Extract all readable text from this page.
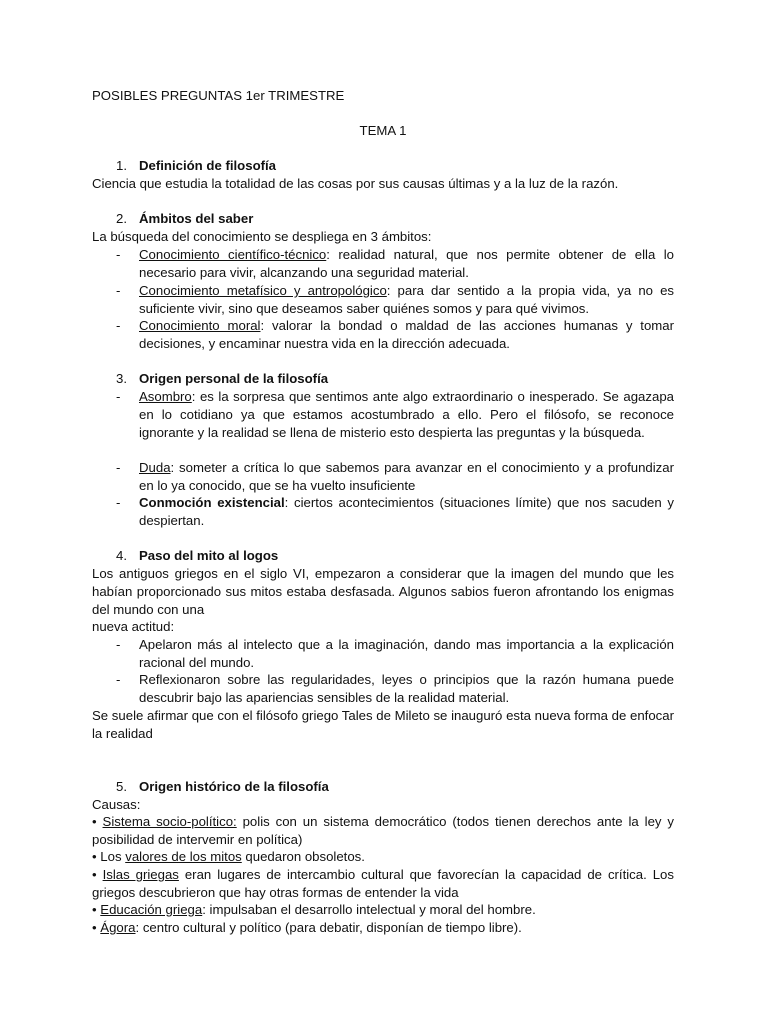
POSIBLES PREGUNTAS 1er TRIMESTRE
TEMA 1
1. Definición de filosofía
Ciencia que estudia la totalidad de las cosas por sus causas últimas y a la luz de la razón.
2. Ámbitos del saber
La búsqueda del conocimiento se despliega en 3 ámbitos:
- Conocimiento científico-técnico: realidad natural, que nos permite obtener de ella lo necesario para vivir, alcanzando una seguridad material.
- Conocimiento metafísico y antropológico: para dar sentido a la propia vida, ya no es suficiente vivir, sino que deseamos saber quiénes somos y para qué vivimos.
- Conocimiento moral: valorar la bondad o maldad de las acciones humanas y tomar decisiones, y encaminar nuestra vida en la dirección adecuada.
3. Origen personal de la filosofía
- Asombro: es la sorpresa que sentimos ante algo extraordinario o inesperado. Se agazapa en lo cotidiano ya que estamos acostumbrado a ello. Pero el filósofo, se reconoce ignorante y la realidad se llena de misterio esto despierta las preguntas y la búsqueda.
- Duda: someter a crítica lo que sabemos para avanzar en el conocimiento y a profundizar en lo ya conocido, que se ha vuelto insuficiente
- Conmoción existencial: ciertos acontecimientos (situaciones límite) que nos sacuden y despiertan.
4. Paso del mito al logos
Los antiguos griegos en el siglo VI, empezaron a considerar que la imagen del mundo que les habían proporcionado sus mitos estaba desfasada. Algunos sabios fueron afrontando los enigmas del mundo con una
nueva actitud:
- Apelaron más al intelecto que a la imaginación, dando mas importancia a la explicación racional del mundo.
- Reflexionaron sobre las regularidades, leyes o principios que la razón humana puede descubrir bajo las apariencias sensibles de la realidad material.
Se suele afirmar que con el filósofo griego Tales de Mileto se inauguró esta nueva forma de enfocar la realidad
5. Origen histórico de la filosofía
Causas:
• Sistema socio-político: polis con un sistema democrático (todos tienen derechos ante la ley y posibilidad de intervemir en política)
• Los valores de los mitos quedaron obsoletos.
• Islas griegas eran lugares de intercambio cultural que favorecían la capacidad de crítica. Los griegos descubrieron que hay otras formas de entender la vida
• Educación griega: impulsaban el desarrollo intelectual y moral del hombre.
• Ágora: centro cultural y político (para debatir, disponían de tiempo libre).
